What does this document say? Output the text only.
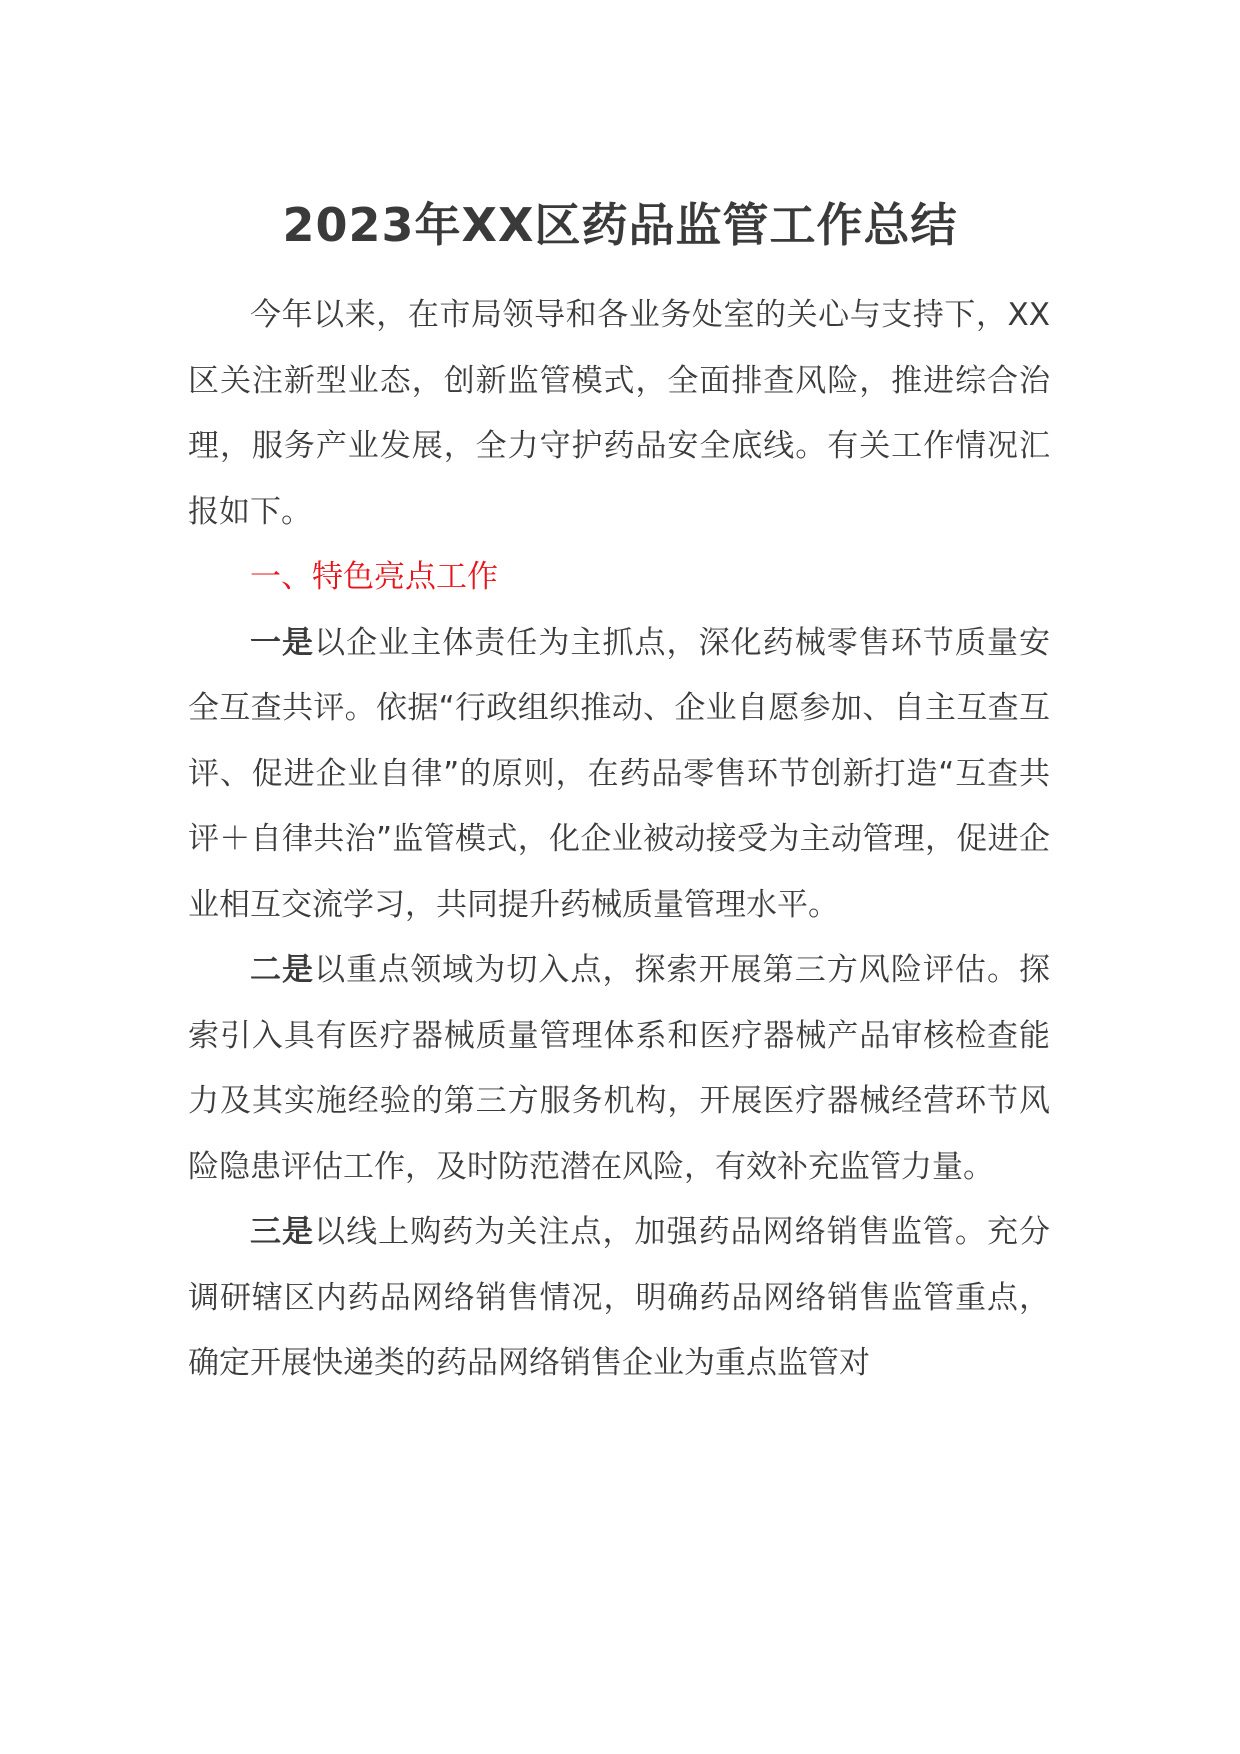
2023年XX区药品监管工作总结

今年以来，在市局领导和各业务处室的关心与支持下，XX区关注新型业态，创新监管模式，全面排查风险，推进综合治理，服务产业发展，全力守护药品安全底线。有关工作情况汇报如下。

一、特色亮点工作

一是以企业主体责任为主抓点，深化药械零售环节质量安全互查共评。依据“行政组织推动、企业自愿参加、自主互查互评、促进企业自律”的原则，在药品零售环节创新打造“互查共评＋自律共治”监管模式，化企业被动接受为主动管理，促进企业相互交流学习，共同提升药械质量管理水平。

二是以重点领域为切入点，探索开展第三方风险评估。探索引入具有医疗器械质量管理体系和医疗器械产品审核检查能力及其实施经验的第三方服务机构，开展医疗器械经营环节风险隐患评估工作，及时防范潜在风险，有效补充监管力量。

三是以线上购药为关注点，加强药品网络销售监管。充分调研辖区内药品网络销售情况，明确药品网络销售监管重点，确定开展快递类的药品网络销售企业为重点监管对
